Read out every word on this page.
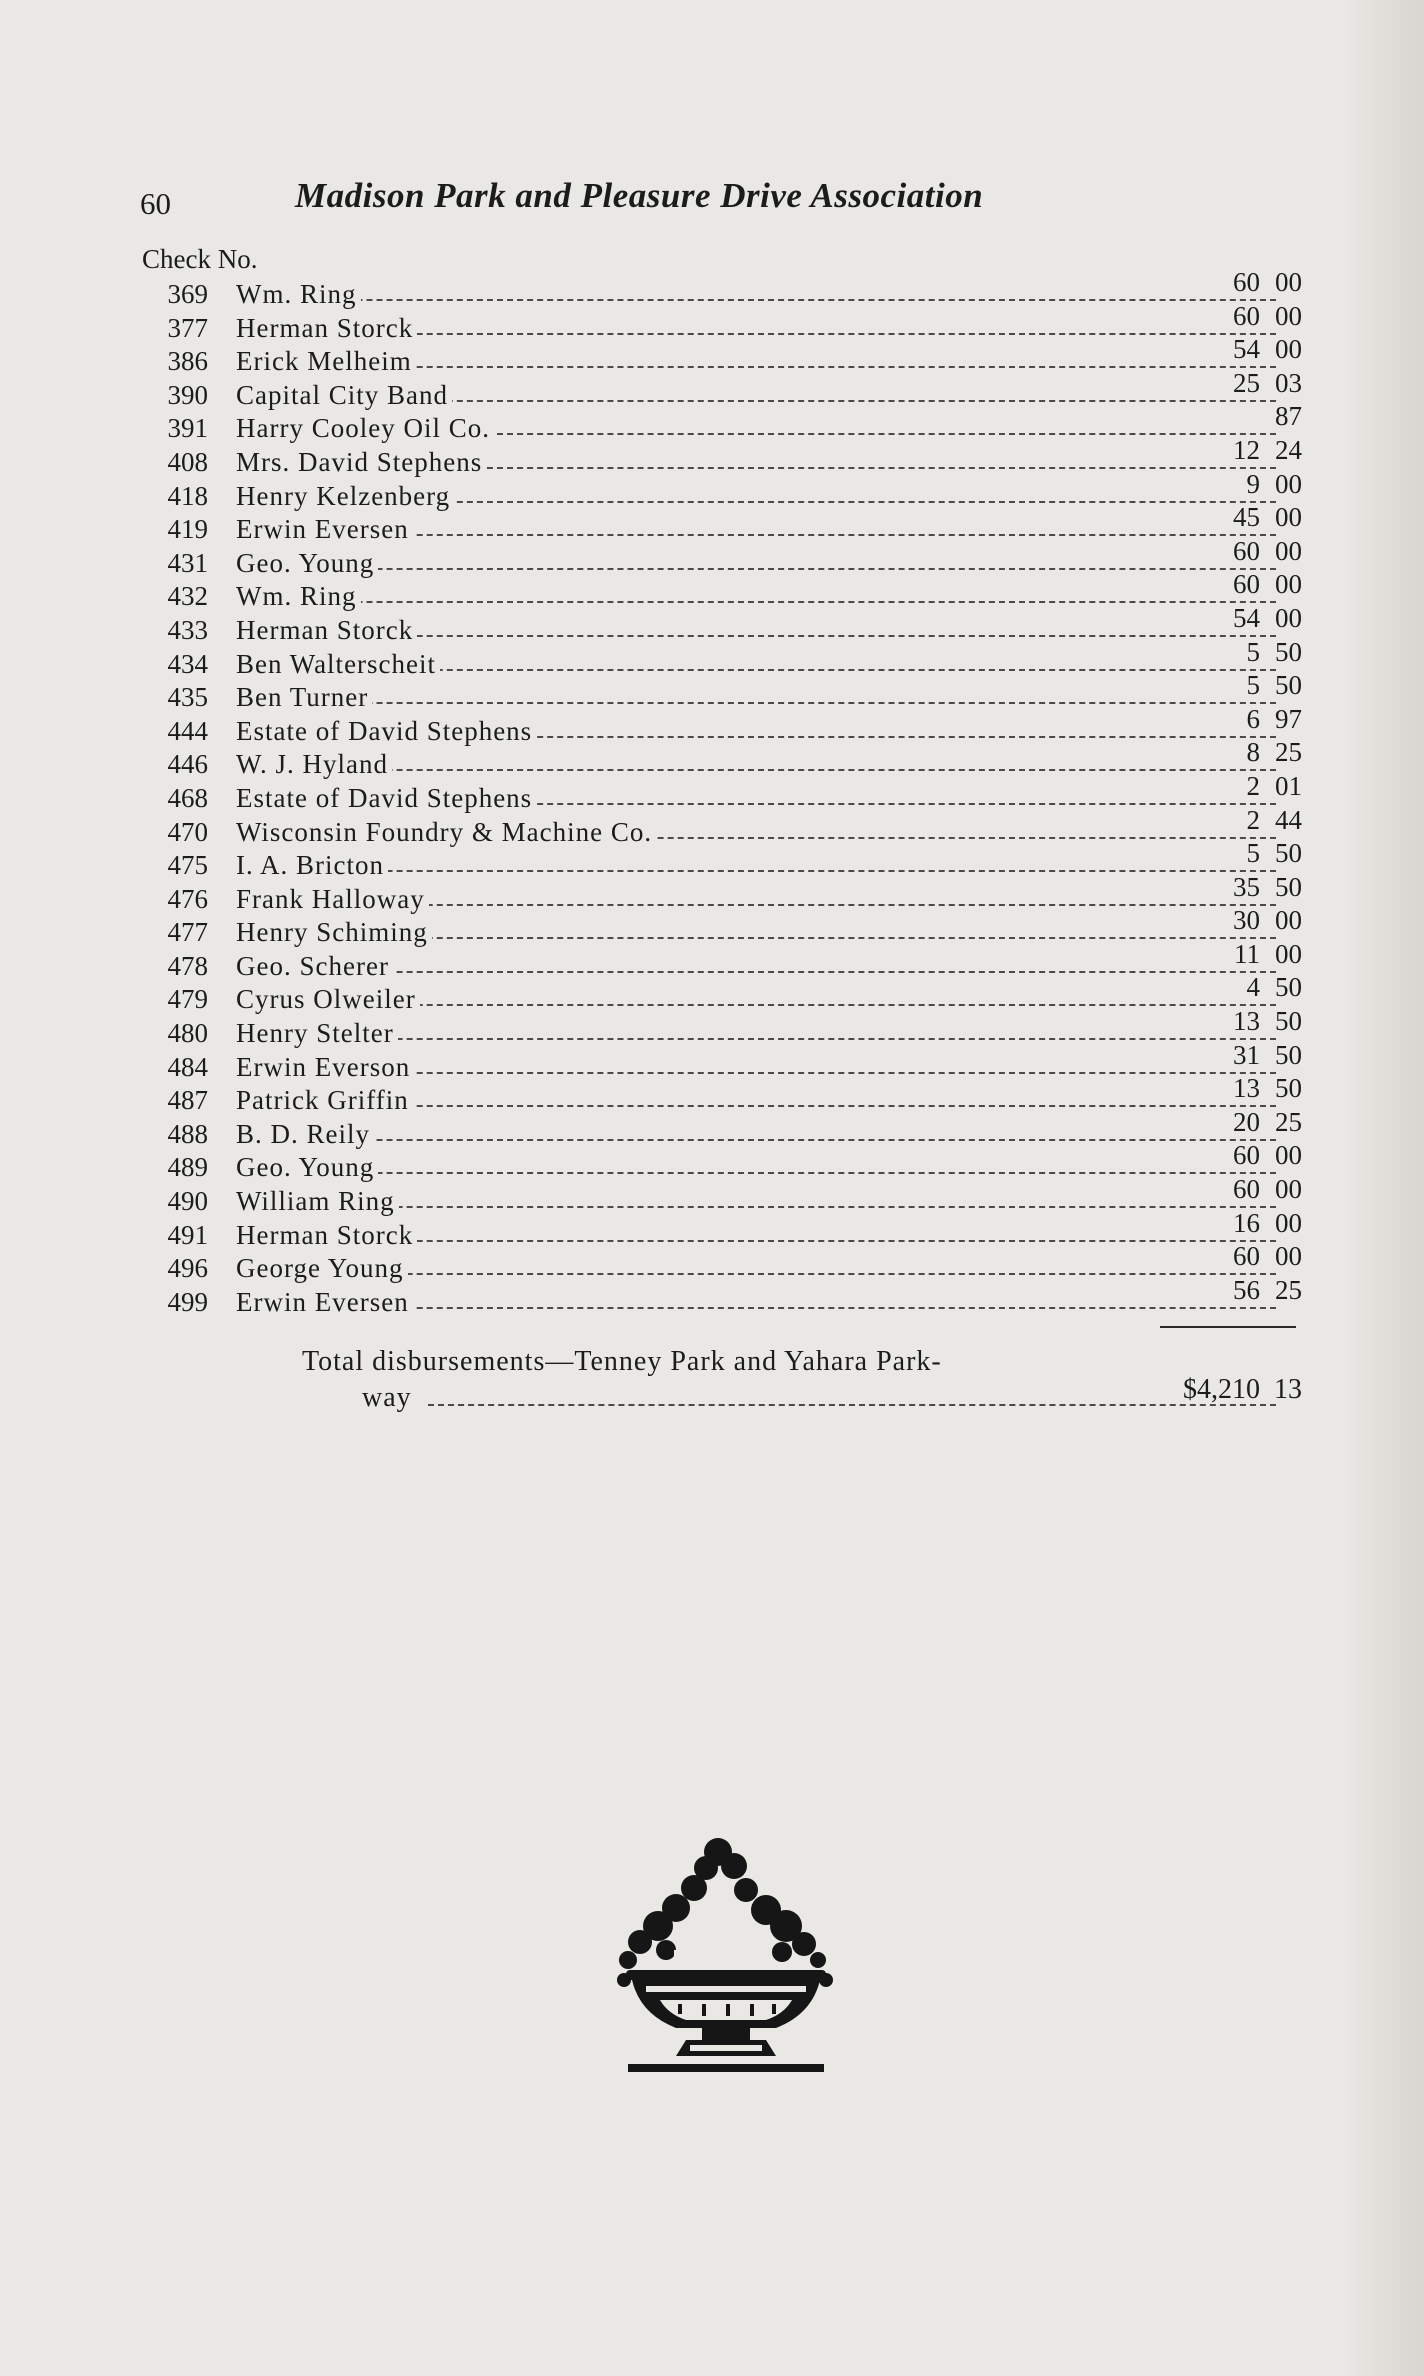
60	Madison Park and Pleasure Drive Association
Check No.
369 Wm. Ring	60 00
377 Herman Storck	60 00
386 Erick Melheim	54 00
390 Capital City Band	25 03
391 Harry Cooley Oil Co.	87
408 Mrs. David Stephens	12 24
418 Henry Kelzenberg	9 00
419 Erwin Eversen	45 00
431 Geo. Young	60 00
432 Wm. Ring	60 00
433 Herman Storck	54 00
434 Ben Walterscheit	5 50
435 Ben Turner	5 50
444 Estate of David Stephens	6 97
446 W. J. Hyland	8 25
468 Estate of David Stephens	2 01
470 Wisconsin Foundry & Machine Co.	2 44
475 I. A. Bricton	5 50
476 Frank Halloway	35 50
477 Henry Schiming	30 00
478 Geo. Scherer	11 00
479 Cyrus Olweiler	4 50
480 Henry Stelter	13 50
484 Erwin Everson	31 50
487 Patrick Griffin	13 50
488 B. D. Reily	20 25
489 Geo. Young	60 00
490 William Ring	60 00
491 Herman Storck	16 00
496 George Young	60 00
499 Erwin Eversen	56 25
Total disbursements—Tenney Park and Yahara Park-
way	$4,210 13
